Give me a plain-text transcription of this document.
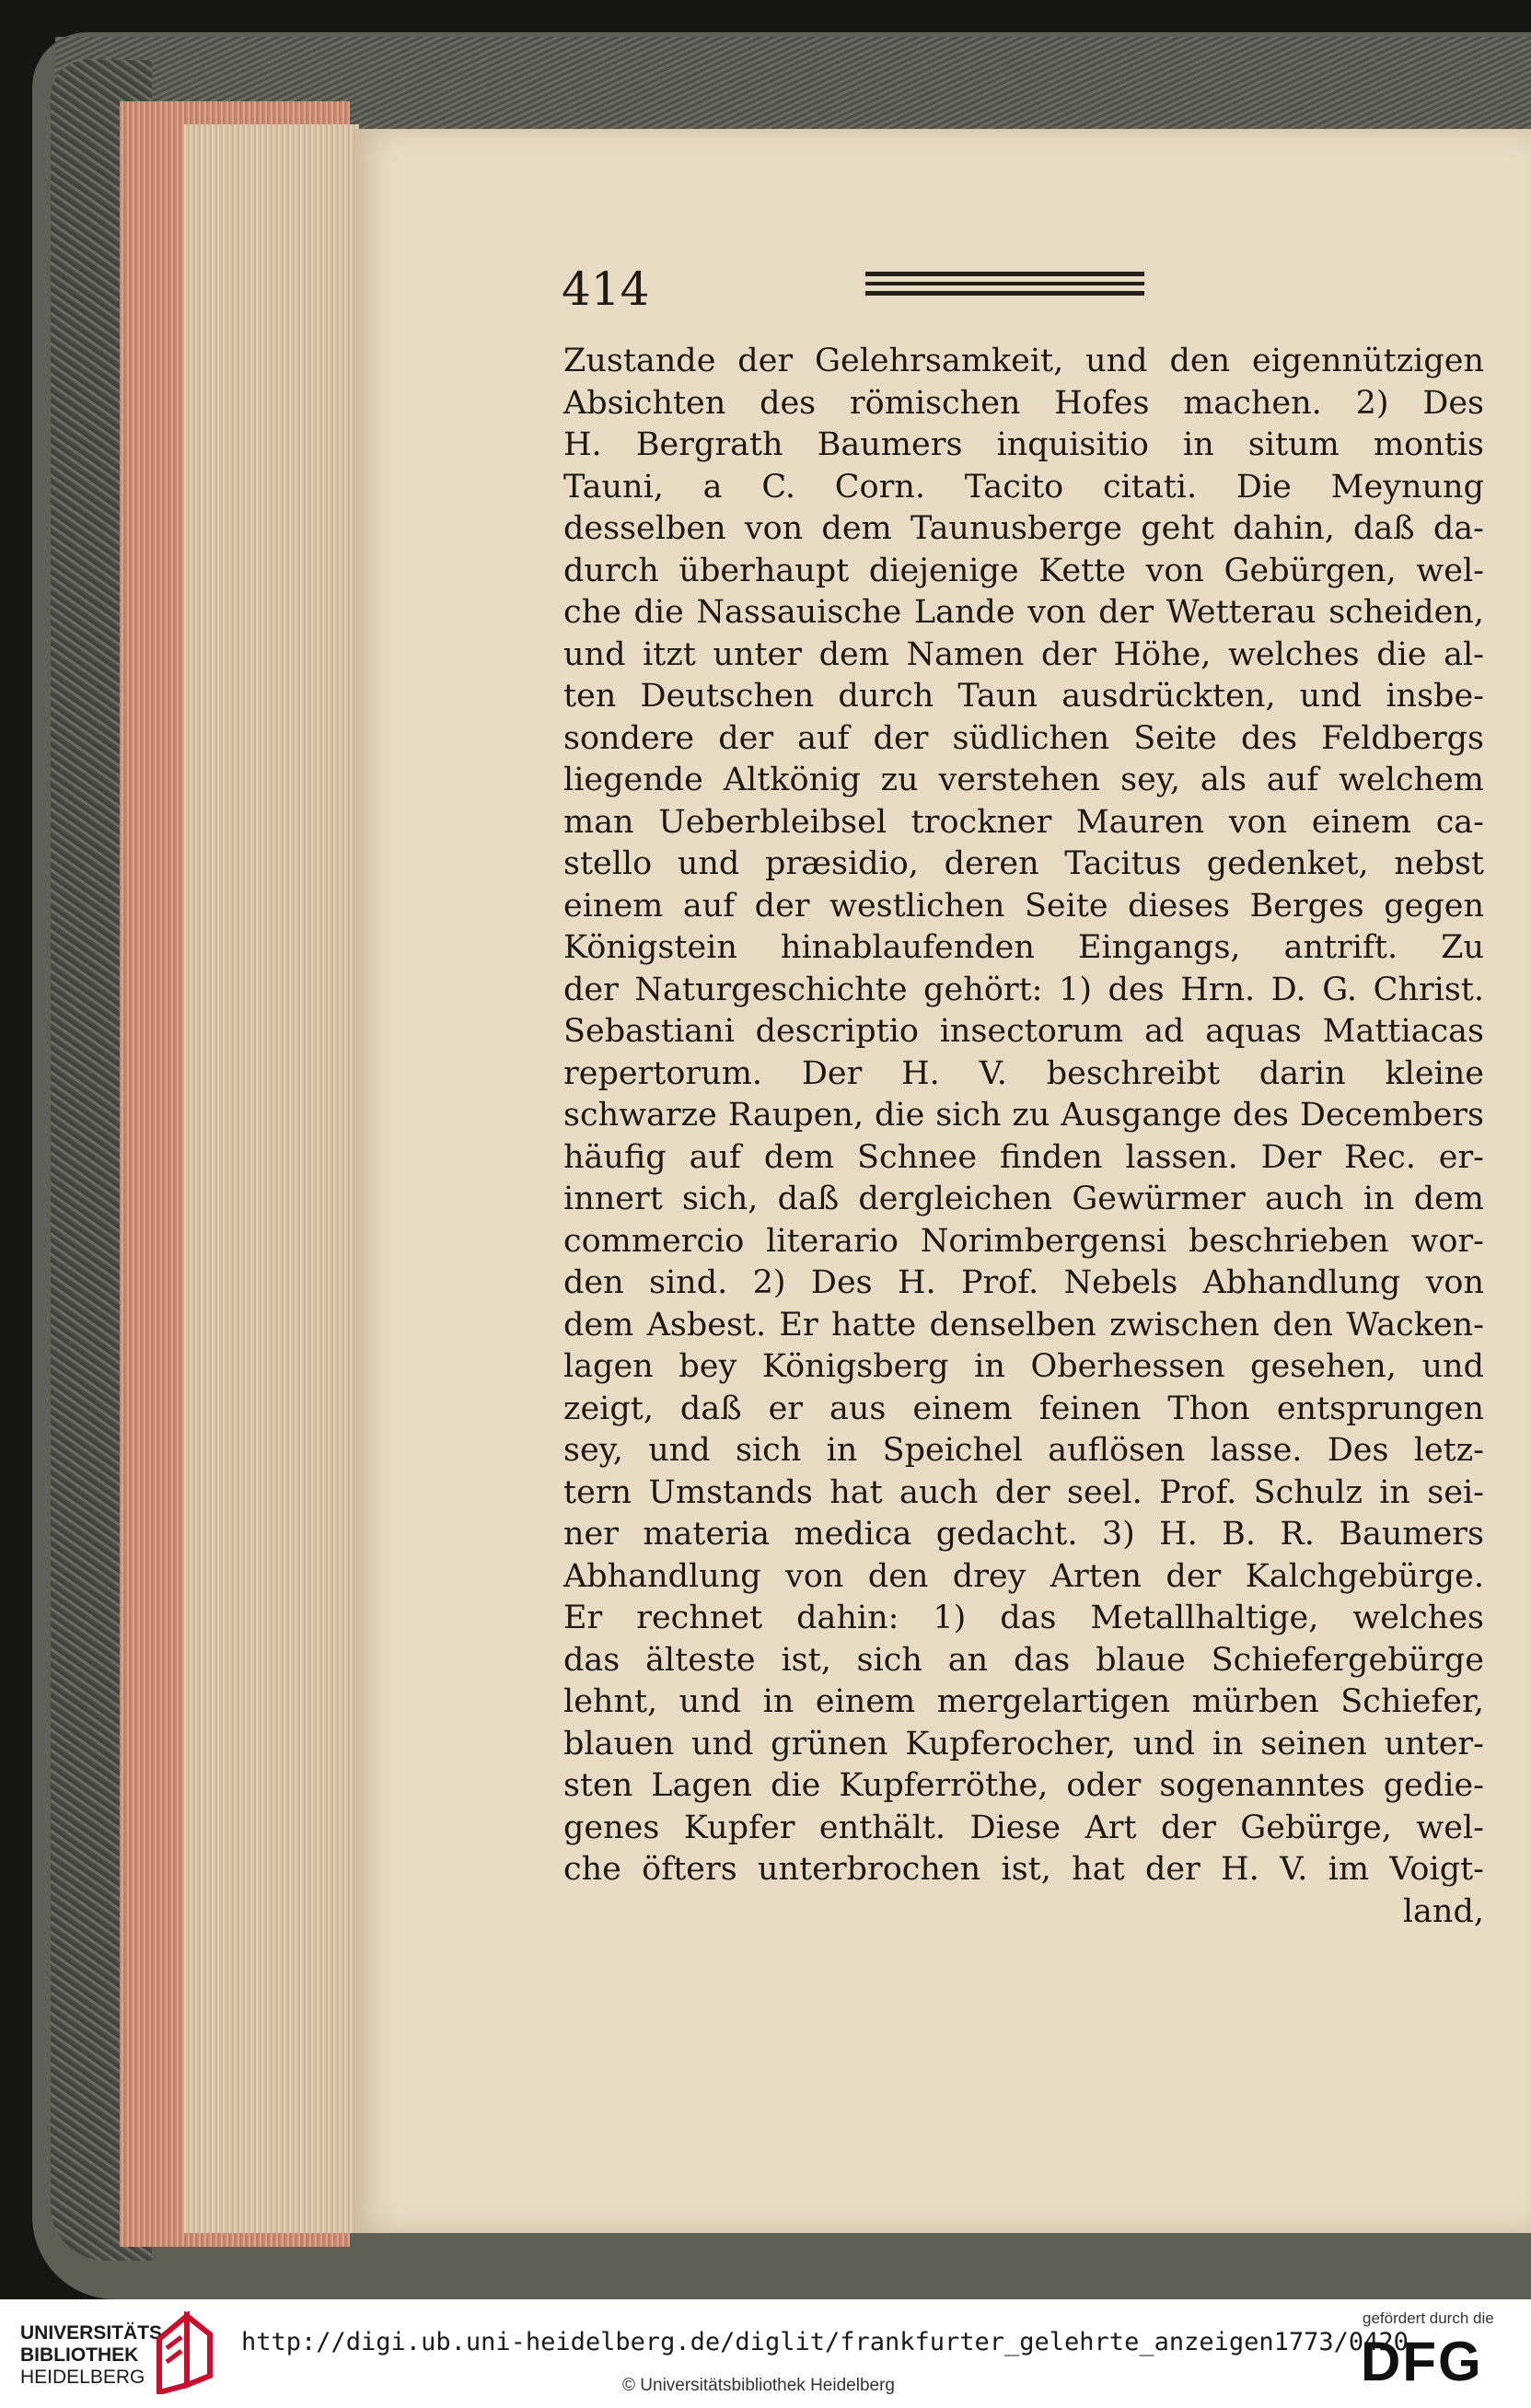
414
Zustande der Gelehrsamkeit, und den eigennützigen
Absichten des römischen Hofes machen. 2) Des
H. Bergrath Baumers inquisitio in situm montis
Tauni, a C. Corn. Tacito citati. Die Meynung
desselben von dem Taunusberge geht dahin, daß da-
durch überhaupt diejenige Kette von Gebürgen, wel-
che die Nassauische Lande von der Wetterau scheiden,
und itzt unter dem Namen der Höhe, welches die al-
ten Deutschen durch Taun ausdrückten, und insbe-
sondere der auf der südlichen Seite des Feldbergs
liegende Altkönig zu verstehen sey, als auf welchem
man Ueberbleibsel trockner Mauren von einem ca-
stello und præsidio, deren Tacitus gedenket, nebst
einem auf der westlichen Seite dieses Berges gegen
Königstein hinablaufenden Eingangs, antrift. Zu
der Naturgeschichte gehört: 1) des Hrn. D. G. Christ.
Sebastiani descriptio insectorum ad aquas Mattiacas
repertorum. Der H. V. beschreibt darin kleine
schwarze Raupen, die sich zu Ausgange des Decembers
häufig auf dem Schnee finden lassen. Der Rec. er-
innert sich, daß dergleichen Gewürmer auch in dem
commercio literario Norimbergensi beschrieben wor-
den sind. 2) Des H. Prof. Nebels Abhandlung von
dem Asbest. Er hatte denselben zwischen den Wacken-
lagen bey Königsberg in Oberhessen gesehen, und
zeigt, daß er aus einem feinen Thon entsprungen
sey, und sich in Speichel auflösen lasse. Des letz-
tern Umstands hat auch der seel. Prof. Schulz in sei-
ner materia medica gedacht. 3) H. B. R. Baumers
Abhandlung von den drey Arten der Kalchgebürge.
Er rechnet dahin: 1) das Metallhaltige, welches
das älteste ist, sich an das blaue Schiefergebürge
lehnt, und in einem mergelartigen mürben Schiefer,
blauen und grünen Kupferocher, und in seinen unter-
sten Lagen die Kupferröthe, oder sogenanntes gedie-
genes Kupfer enthält. Diese Art der Gebürge, wel-
che öfters unterbrochen ist, hat der H. V. im Voigt-
land,
UNIVERSITÄTS-
BIBLIOTHEK
HEIDELBERG
http://digi.ub.uni-heidelberg.de/diglit/frankfurter_gelehrte_anzeigen1773/0420
© Universitätsbibliothek Heidelberg
gefördert durch die
DFG
